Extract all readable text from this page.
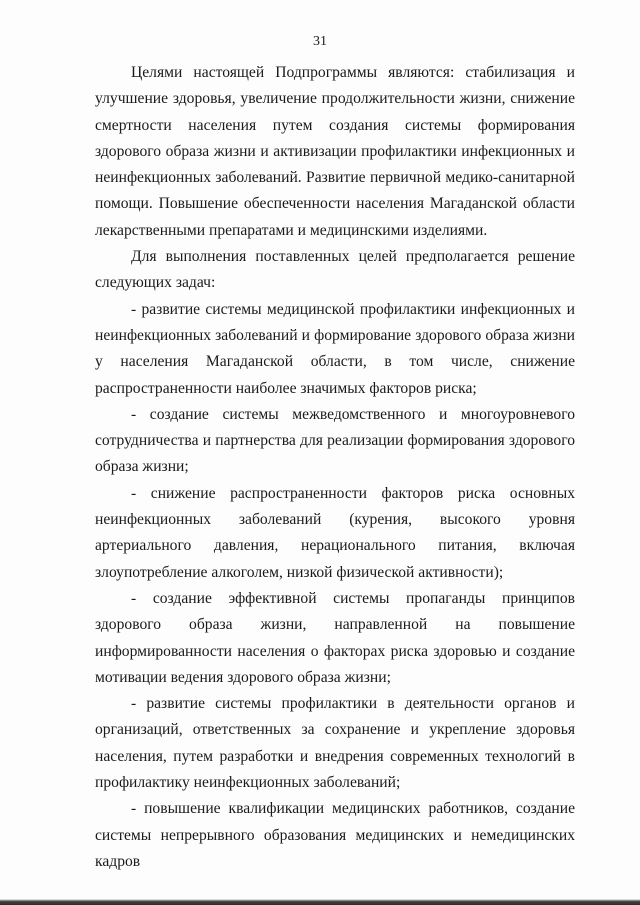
31

Целями настоящей Подпрограммы являются: стабилизация и улучшение здоровья, увеличение продолжительности жизни, снижение смертности населения путем создания системы формирования здорового образа жизни и активизации профилактики инфекционных и неинфекционных заболеваний. Развитие первичной медико-санитарной помощи. Повышение обеспеченности населения Магаданской области лекарственными препаратами и медицинскими изделиями.

Для выполнения поставленных целей предполагается решение следующих задач:

- развитие системы медицинской профилактики инфекционных и неинфекционных заболеваний и формирование здорового образа жизни у населения Магаданской области, в том числе, снижение распространенности наиболее значимых факторов риска;

- создание системы межведомственного и многоуровневого сотрудничества и партнерства для реализации формирования здорового образа жизни;

- снижение распространенности факторов риска основных неинфекционных заболеваний (курения, высокого уровня артериального давления, нерационального питания, включая злоупотребление алкоголем, низкой физической активности);

- создание эффективной системы пропаганды принципов здорового образа жизни, направленной на повышение информированности населения о факторах риска здоровью и создание мотивации ведения здорового образа жизни;

- развитие системы профилактики в деятельности органов и организаций, ответственных за сохранение и укрепление здоровья населения, путем разработки и внедрения современных технологий в профилактику неинфекционных заболеваний;

- повышение квалификации медицинских работников, создание системы непрерывного образования медицинских и немедицинских кадров
